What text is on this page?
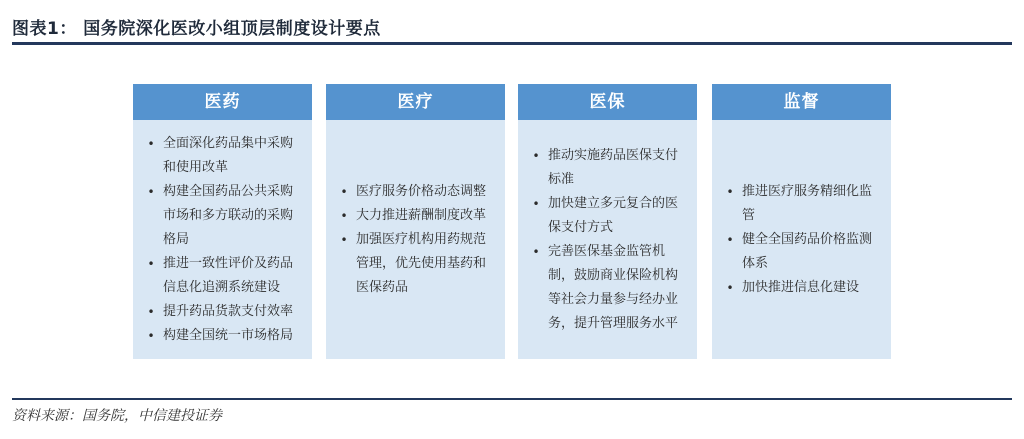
图表1： 国务院深化医改小组顶层制度设计要点
医药
• 全面深化药品集中采购和使用改革
• 构建全国药品公共采购市场和多方联动的采购格局
• 推进一致性评价及药品信息化追溯系统建设
• 提升药品货款支付效率
• 构建全国统一市场格局
医疗
• 医疗服务价格动态调整
• 大力推进薪酬制度改革
• 加强医疗机构用药规范管理，优先使用基药和医保药品
医保
• 推动实施药品医保支付标准
• 加快建立多元复合的医保支付方式
• 完善医保基金监管机制，鼓励商业保险机构等社会力量参与经办业务，提升管理服务水平
监督
• 推进医疗服务精细化监管
• 健全全国药品价格监测体系
• 加快推进信息化建设
资料来源：国务院，中信建投证券
